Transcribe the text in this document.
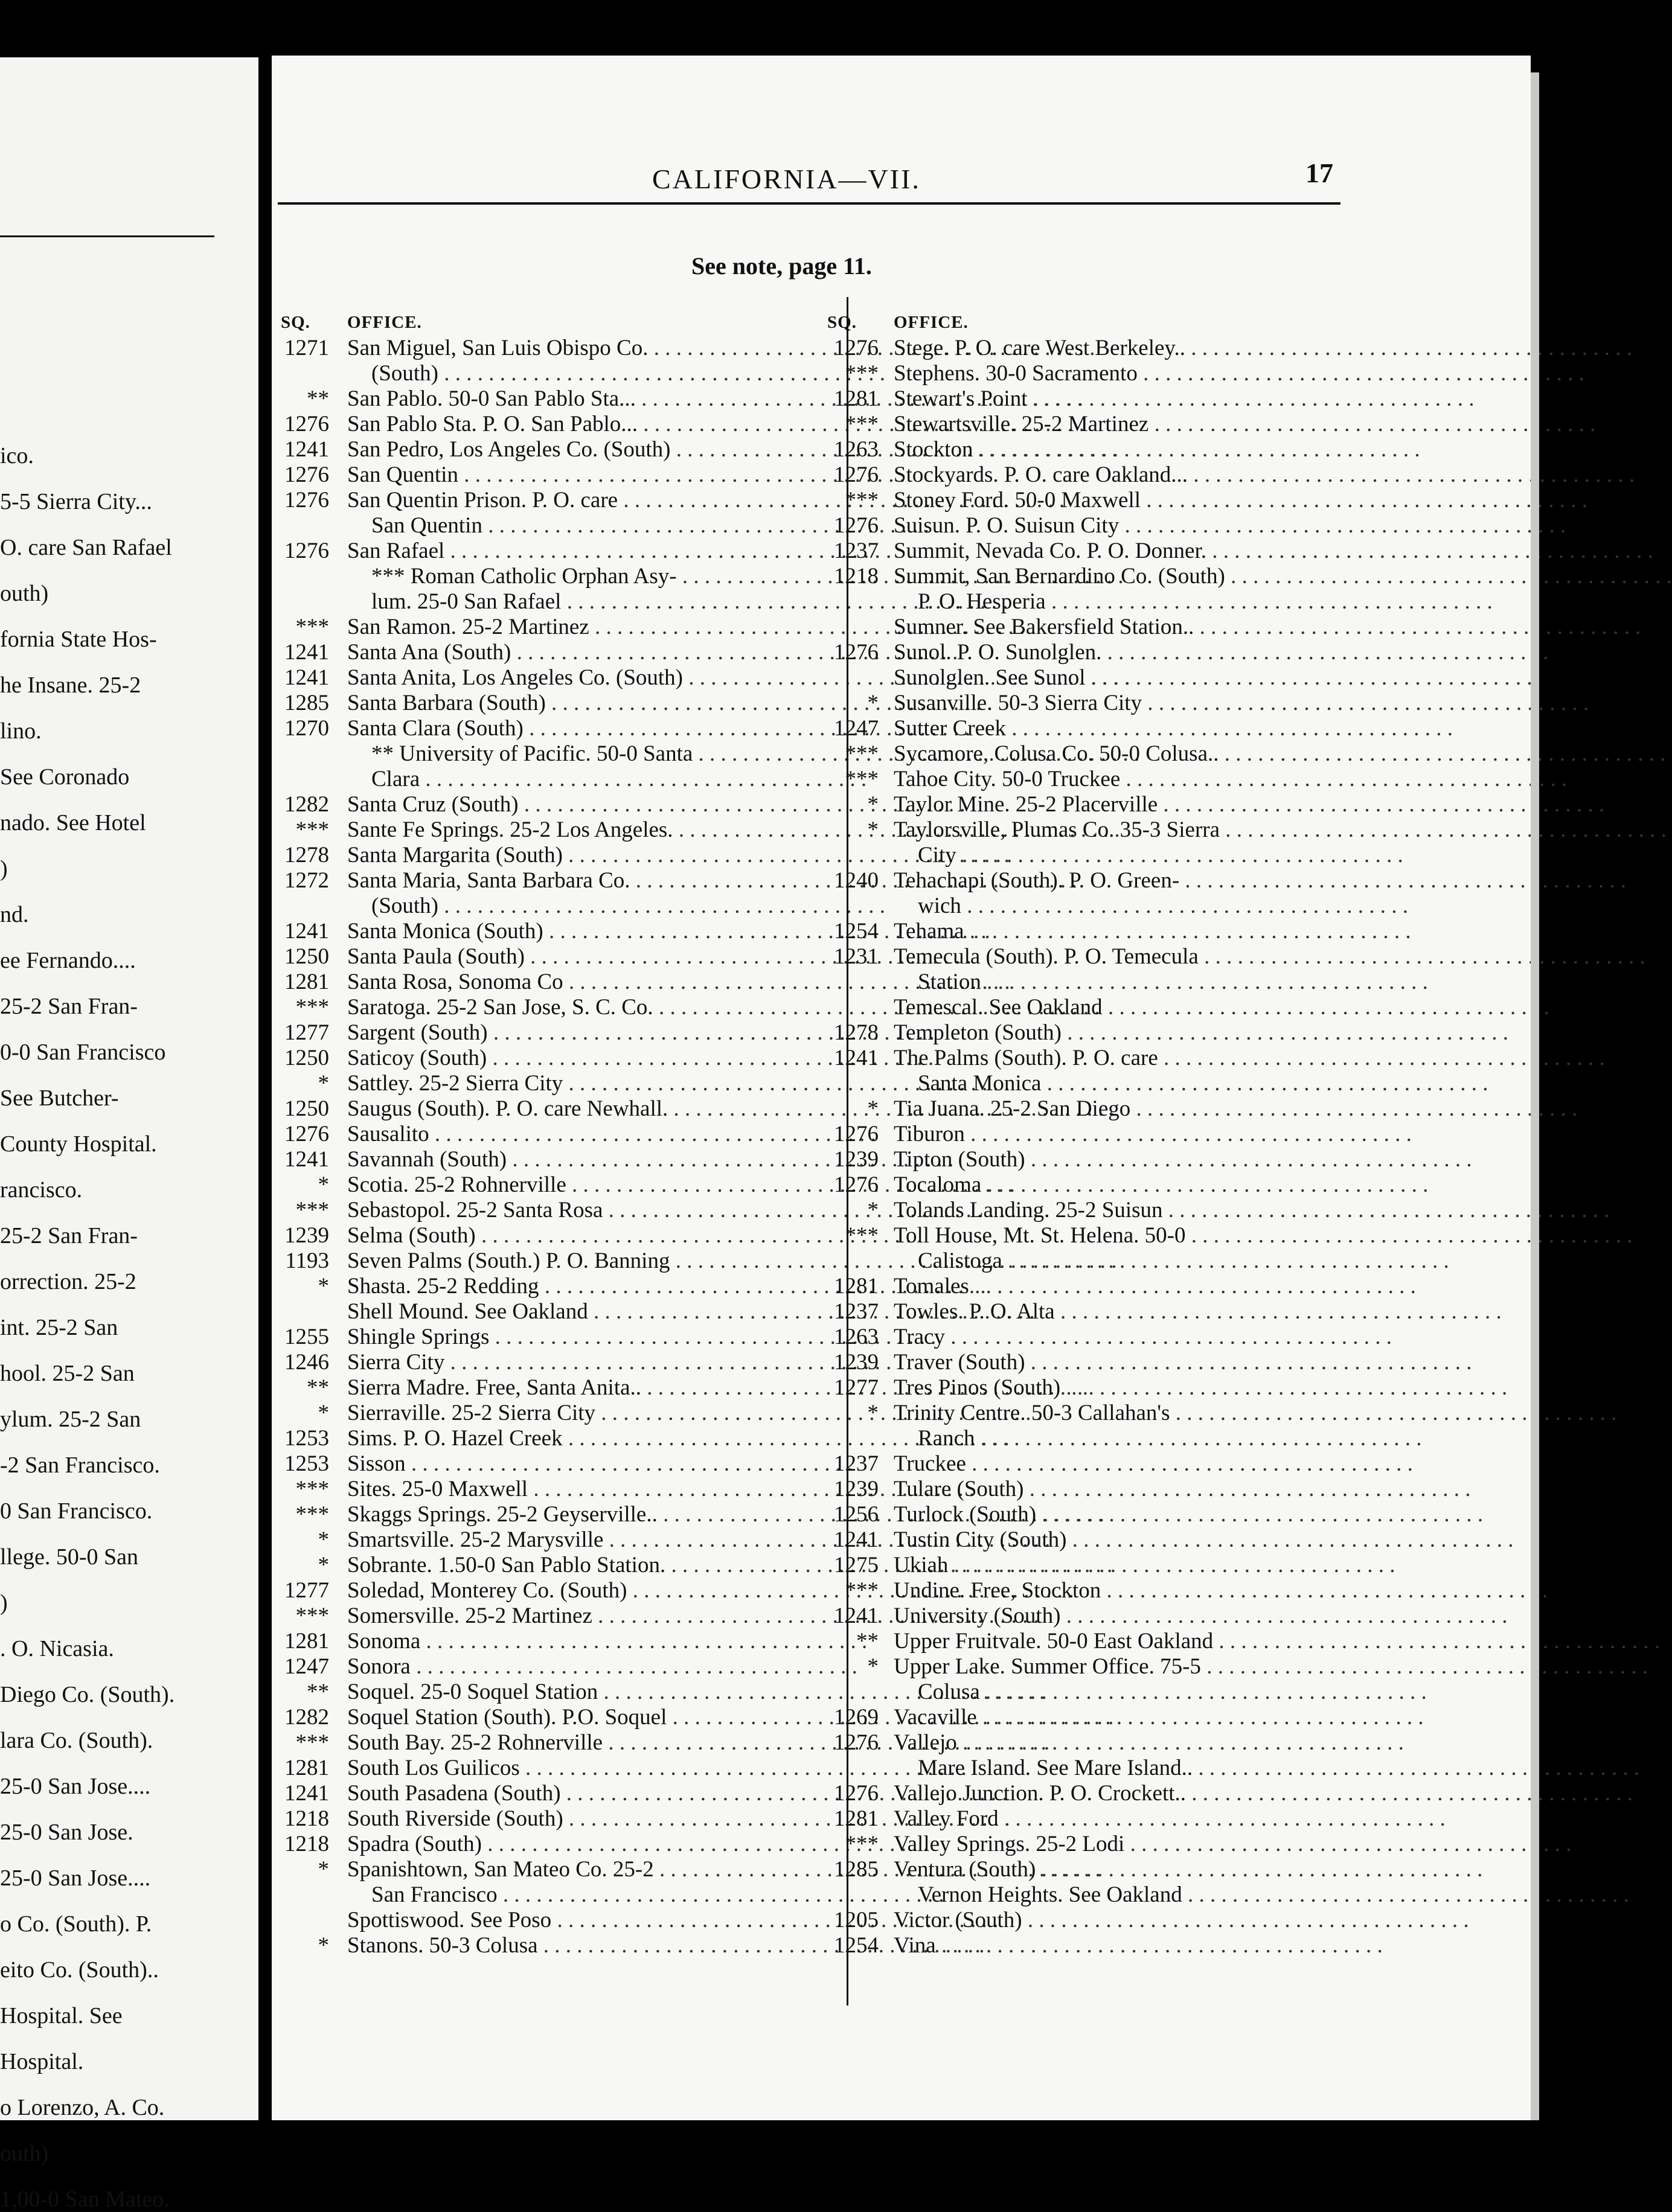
ico.
5-5 Sierra City...
O. care San Rafael
outh)
fornia State Hos-
he Insane. 25-2
lino.
See Coronado
nado. See Hotel
)
nd.
ee Fernando....
25-2 San Fran-
0-0 San Francisco
See Butcher-
County Hospital.
rancisco.
25-2 San Fran-
orrection. 25-2
int. 25-2 San
hool. 25-2 San
ylum. 25-2 San
-2 San Francisco.
0 San Francisco.
llege. 50-0 San
)
. O. Nicasia.
Diego Co. (South).
lara Co. (South).
25-0 San Jose....
25-0 San Jose.
25-0 San Jose....
o Co. (South). P.
eito Co. (South)..
Hospital. See
Hospital.
o Lorenzo, A. Co.
outh)
1,00-0 San Mateo.
CALIFORNIA—VII.	17
See note, page 11.
SQ. OFFICE.
1271 San Miguel, San Luis Obispo Co. . . .
(South) . . .
** San Pablo. 50-0 San Pablo Sta... . . .
1276 San Pablo Sta. P. O. San Pablo... . . .
1241 San Pedro, Los Angeles Co. (South) . . .
1276 San Quentin . . .
1276 San Quentin Prison. P. O. care . . .
San Quentin . . .
1276 San Rafael . . .
*** Roman Catholic Orphan Asy- . . .
lum. 25-0 San Rafael . . .
*** San Ramon. 25-2 Martinez . . .
1241 Santa Ana (South) . . .
1241 Santa Anita, Los Angeles Co. (South) . . .
1285 Santa Barbara (South) . . .
1270 Santa Clara (South) . . .
** University of Pacific. 50-0 Santa . . .
Clara . . .
1282 Santa Cruz (South) . . .
*** Sante Fe Springs. 25-2 Los Angeles. . . .
1278 Santa Margarita (South) . . .
1272 Santa Maria, Santa Barbara Co. . . .
(South) . . .
1241 Santa Monica (South) . . .
1250 Santa Paula (South) . . .
1281 Santa Rosa, Sonoma Co . . .
*** Saratoga. 25-2 San Jose, S. C. Co. . . .
1277 Sargent (South) . . .
1250 Saticoy (South) . . .
* Sattley. 25-2 Sierra City . . .
1250 Saugus (South). P. O. care Newhall. . . .
1276 Sausalito . . .
1241 Savannah (South) . . .
* Scotia. 25-2 Rohnerville . . .
*** Sebastopol. 25-2 Santa Rosa . . .
1239 Selma (South) . . .
1193 Seven Palms (South.) P. O. Banning . . .
* Shasta. 25-2 Redding . . .
Shell Mound. See Oakland . . .
1255 Shingle Springs . . .
1246 Sierra City . . .
** Sierra Madre. Free, Santa Anita.. . . .
* Sierraville. 25-2 Sierra City . . .
1253 Sims. P. O. Hazel Creek . . .
1253 Sisson . . .
*** Sites. 25-0 Maxwell . . .
*** Skaggs Springs. 25-2 Geyserville.. . . .
* Smartsville. 25-2 Marysville . . .
* Sobrante. 1.50-0 San Pablo Station. . . .
1277 Soledad, Monterey Co. (South) . . .
*** Somersville. 25-2 Martinez . . .
1281 Sonoma . . .
1247 Sonora . . .
** Soquel. 25-0 Soquel Station . . .
1282 Soquel Station (South). P.O. Soquel . . .
*** South Bay. 25-2 Rohnerville . . .
1281 South Los Guilicos . . .
1241 South Pasadena (South) . . .
1218 South Riverside (South) . . .
1218 Spadra (South) . . .
* Spanishtown, San Mateo Co. 25-2 . . .
San Francisco . . .
Spottiswood. See Poso . . .
* Stanons. 50-3 Colusa . . .
SQ. OFFICE.
1276 Stege. P. O. care West Berkeley.. . . .
*** Stephens. 30-0 Sacramento . . .
1281 Stewart's Point . . .
*** Stewartsville. 25-2 Martinez . . .
1263 Stockton . . .
1276 Stockyards. P. O. care Oakland... . . .
*** Stoney Ford. 50-0 Maxwell . . .
1276 Suisun. P. O. Suisun City . . .
1237 Summit, Nevada Co. P. O. Donner. . . .
1218 Summit, San Bernardino Co. (South) . . .
P. O. Hesperia . . .
Sumner. See Bakersfield Station.. . . .
1276 Sunol. P. O. Sunolglen. . . .
Sunolglen. See Sunol . . .
* Susanville. 50-3 Sierra City . . .
1247 Sutter Creek . . .
*** Sycamore, Colusa Co. 50-0 Colusa.. . . .
*** Tahoe City. 50-0 Truckee . . .
* Taylor Mine. 25-2 Placerville . . .
* Taylorsville, Plumas Co. 35-3 Sierra . . .
City . . .
1240 Tehachapi (South). P. O. Green- . . .
wich . . .
1254 Tehama . . .
1231 Temecula (South). P. O. Temecula . . .
Station . . .
Temescal. See Oakland . . .
1278 Templeton (South) . . .
1241 The Palms (South). P. O. care . . .
Santa Monica . . .
* Tia Juana. 25-2 San Diego . . .
1276 Tiburon . . .
1239 Tipton (South) . . .
1276 Tocaloma . . .
* Tolands Landing. 25-2 Suisun . . .
*** Toll House, Mt. St. Helena. 50-0 . . .
Calistoga . . .
1281 Tomales . . .
1237 Towles. P. O. Alta . . .
1263 Tracy . . .
1239 Traver (South) . . .
1277 Tres Pinos (South) . . .
* Trinity Centre. 50-3 Callahan's . . .
Ranch . . .
1237 Truckee . . .
1239 Tulare (South) . . .
1256 Turlock (South) . . .
1241 Tustin City (South) . . .
1275 Ukiah . . .
*** Undine. Free, Stockton . . .
1241 University (South) . . .
** Upper Fruitvale. 50-0 East Oakland . . .
* Upper Lake. Summer Office. 75-5 . . .
Colusa . . .
1269 Vacaville . . .
1276 Vallejo . . .
Mare Island. See Mare Island.. . . .
1276 Vallejo Junction. P. O. Crockett.. . . .
1281 Valley Ford . . .
*** Valley Springs. 25-2 Lodi . . .
1285 Ventura (South) . . .
Vernon Heights. See Oakland . . .
1205 Victor (South) . . .
1254 Vina . . .
